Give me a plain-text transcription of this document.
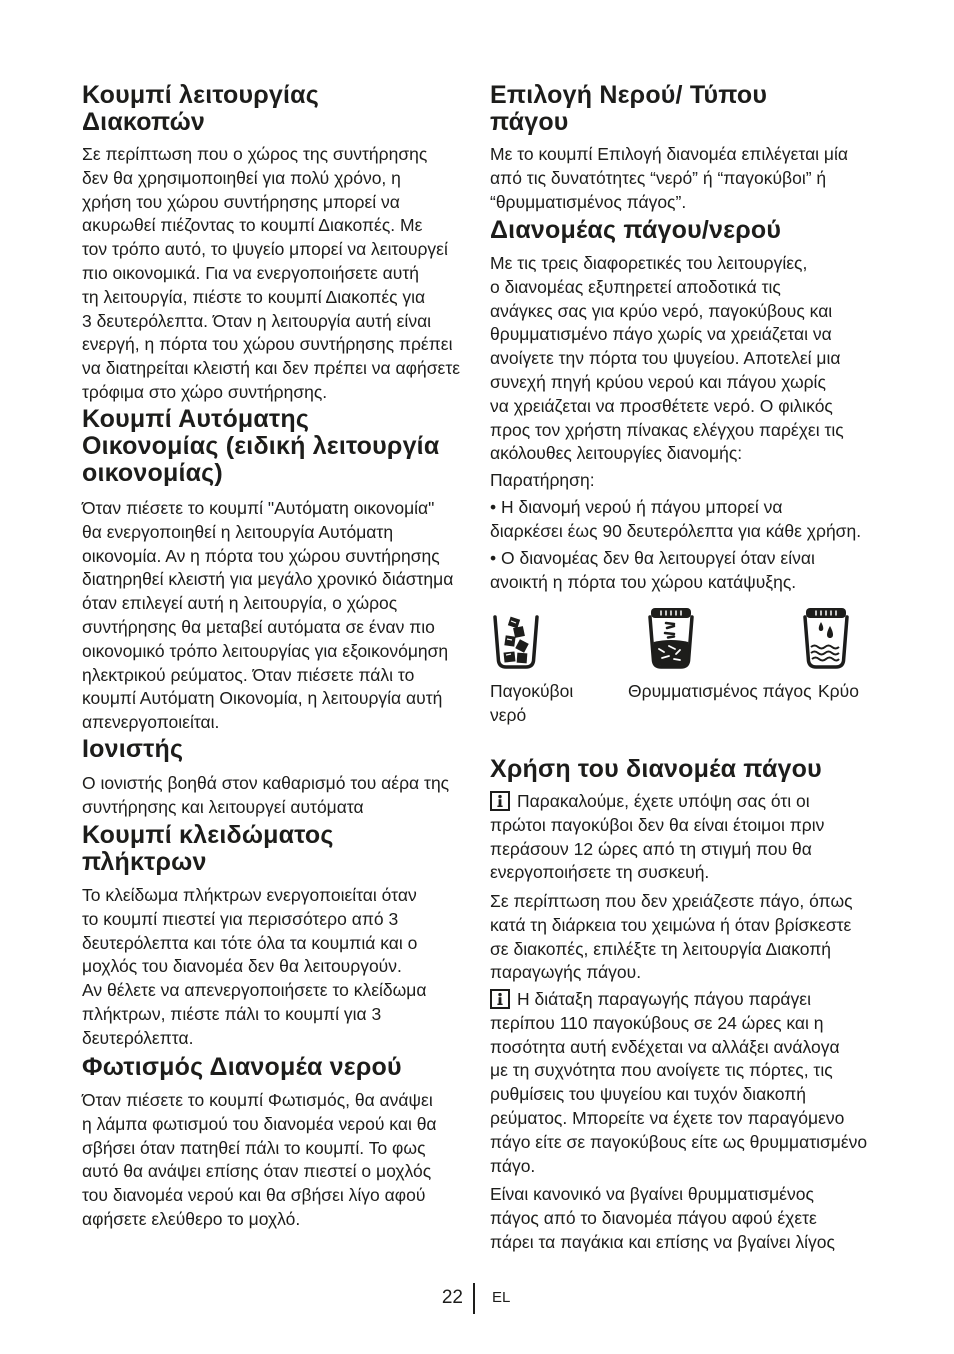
Κουμπί λειτουργίας
Διακοπών
Σε περίπτωση που ο χώρος της συντήρησης
δεν θα χρησιμοποιηθεί για πολύ χρόνο, η
χρήση του χώρου συντήρησης μπορεί να
ακυρωθεί πιέζοντας το κουμπί Διακοπές. Με
τον τρόπο αυτό, το ψυγείο μπορεί να λειτουργεί
πιο οικονομικά. Για να ενεργοποιήσετε αυτή
τη λειτουργία, πιέστε το κουμπί Διακοπές για
3 δευτερόλεπτα. Όταν η λειτουργία αυτή είναι
ενεργή, η πόρτα του χώρου συντήρησης πρέπει
να διατηρείται κλειστή και δεν πρέπει να αφήσετε
τρόφιμα στο χώρο συντήρησης.
Κουμπί Αυτόματης
Οικονομίας (ειδική λειτουργία
οικονομίας)
Όταν πιέσετε το κουμπί "Αυτόματη οικονομία"
θα ενεργοποιηθεί η λειτουργία Αυτόματη
οικονομία. Αν η πόρτα του χώρου συντήρησης
διατηρηθεί κλειστή για μεγάλο χρονικό διάστημα
όταν επιλεγεί αυτή η λειτουργία, ο χώρος
συντήρησης θα μεταβεί αυτόματα σε έναν πιο
οικονομικό τρόπο λειτουργίας για εξοικονόμηση
ηλεκτρικού ρεύματος. Όταν πιέσετε πάλι το
κουμπί Αυτόματη Οικονομία, η λειτουργία αυτή
απενεργοποιείται.
Ιονιστής
Ο ιονιστής βοηθά στον καθαρισμό του αέρα της
συντήρησης και λειτουργεί αυτόματα
Κουμπί κλειδώματος
πλήκτρων
Το κλείδωμα πλήκτρων ενεργοποιείται όταν
το κουμπί πιεστεί για περισσότερο από 3
δευτερόλεπτα και τότε όλα τα κουμπιά και ο
μοχλός του διανομέα δεν θα λειτουργούν.
Αν θέλετε να απενεργοποιήσετε το κλείδωμα
πλήκτρων, πιέστε πάλι το κουμπί για 3
δευτερόλεπτα.
Φωτισμός Διανομέα νερού
Όταν πιέσετε το κουμπί Φωτισμός, θα ανάψει
η λάμπα φωτισμού του διανομέα νερού και θα
σβήσει όταν πατηθεί πάλι το κουμπί. Το φως
αυτό θα ανάψει επίσης όταν πιεστεί ο μοχλός
του διανομέα νερού και θα σβήσει λίγο αφού
αφήσετε ελεύθερο το μοχλό.
Επιλογή Νερού/ Τύπου
πάγου
Με το κουμπί Επιλογή διανομέα επιλέγεται μία
από τις δυνατότητες “νερό” ή “παγοκύβοι” ή
“θρυμματισμένος πάγος”.
Διανομέας πάγου/νερού
Με τις τρεις διαφορετικές του λειτουργίες,
ο διανομέας εξυπηρετεί αποδοτικά τις
ανάγκες σας για κρύο νερό, παγοκύβους και
θρυμματισμένο πάγο χωρίς να χρειάζεται να
ανοίγετε την πόρτα του ψυγείου. Αποτελεί μια
συνεχή πηγή κρύου νερού και πάγου χωρίς
να χρειάζεται να προσθέτετε νερό. Ο φιλικός
προς τον χρήστη πίνακας ελέγχου παρέχει τις
ακόλουθες λειτουργίες διανομής:
Παρατήρηση:
• Η διανομή νερού ή πάγου μπορεί να
διαρκέσει έως 90 δευτερόλεπτα για κάθε χρήση.
• Ο διανομέας δεν θα λειτουργεί όταν είναι
ανοικτή η πόρτα του χώρου κατάψυξης.
Παγοκύβοι	Θρυμματισμένος πάγος Κρύο
νερό
Χρήση του διανομέα πάγου
Παρακαλούμε, έχετε υπόψη σας ότι οι
πρώτοι παγοκύβοι δεν θα είναι έτοιμοι πριν
περάσουν 12 ώρες από τη στιγμή που θα
ενεργοποιήσετε τη συσκευή.
Σε περίπτωση που δεν χρειάζεστε πάγο, όπως
κατά τη διάρκεια του χειμώνα ή όταν βρίσκεστε
σε διακοπές, επιλέξτε τη λειτουργία Διακοπή
παραγωγής πάγου.
Η διάταξη παραγωγής πάγου παράγει
περίπου 110 παγοκύβους σε 24 ώρες και η
ποσότητα αυτή ενδέχεται να αλλάξει ανάλογα
με τη συχνότητα που ανοίγετε τις πόρτες, τις
ρυθμίσεις του ψυγείου και τυχόν διακοπή
ρεύματος. Μπορείτε να έχετε τον παραγόμενο
πάγο είτε σε παγοκύβους είτε ως θρυμματισμένο
πάγο.
Είναι κανονικό να βγαίνει θρυμματισμένος
πάγος από το διανομέα πάγου αφού έχετε
πάρει τα παγάκια και επίσης να βγαίνει λίγος
22 EL
